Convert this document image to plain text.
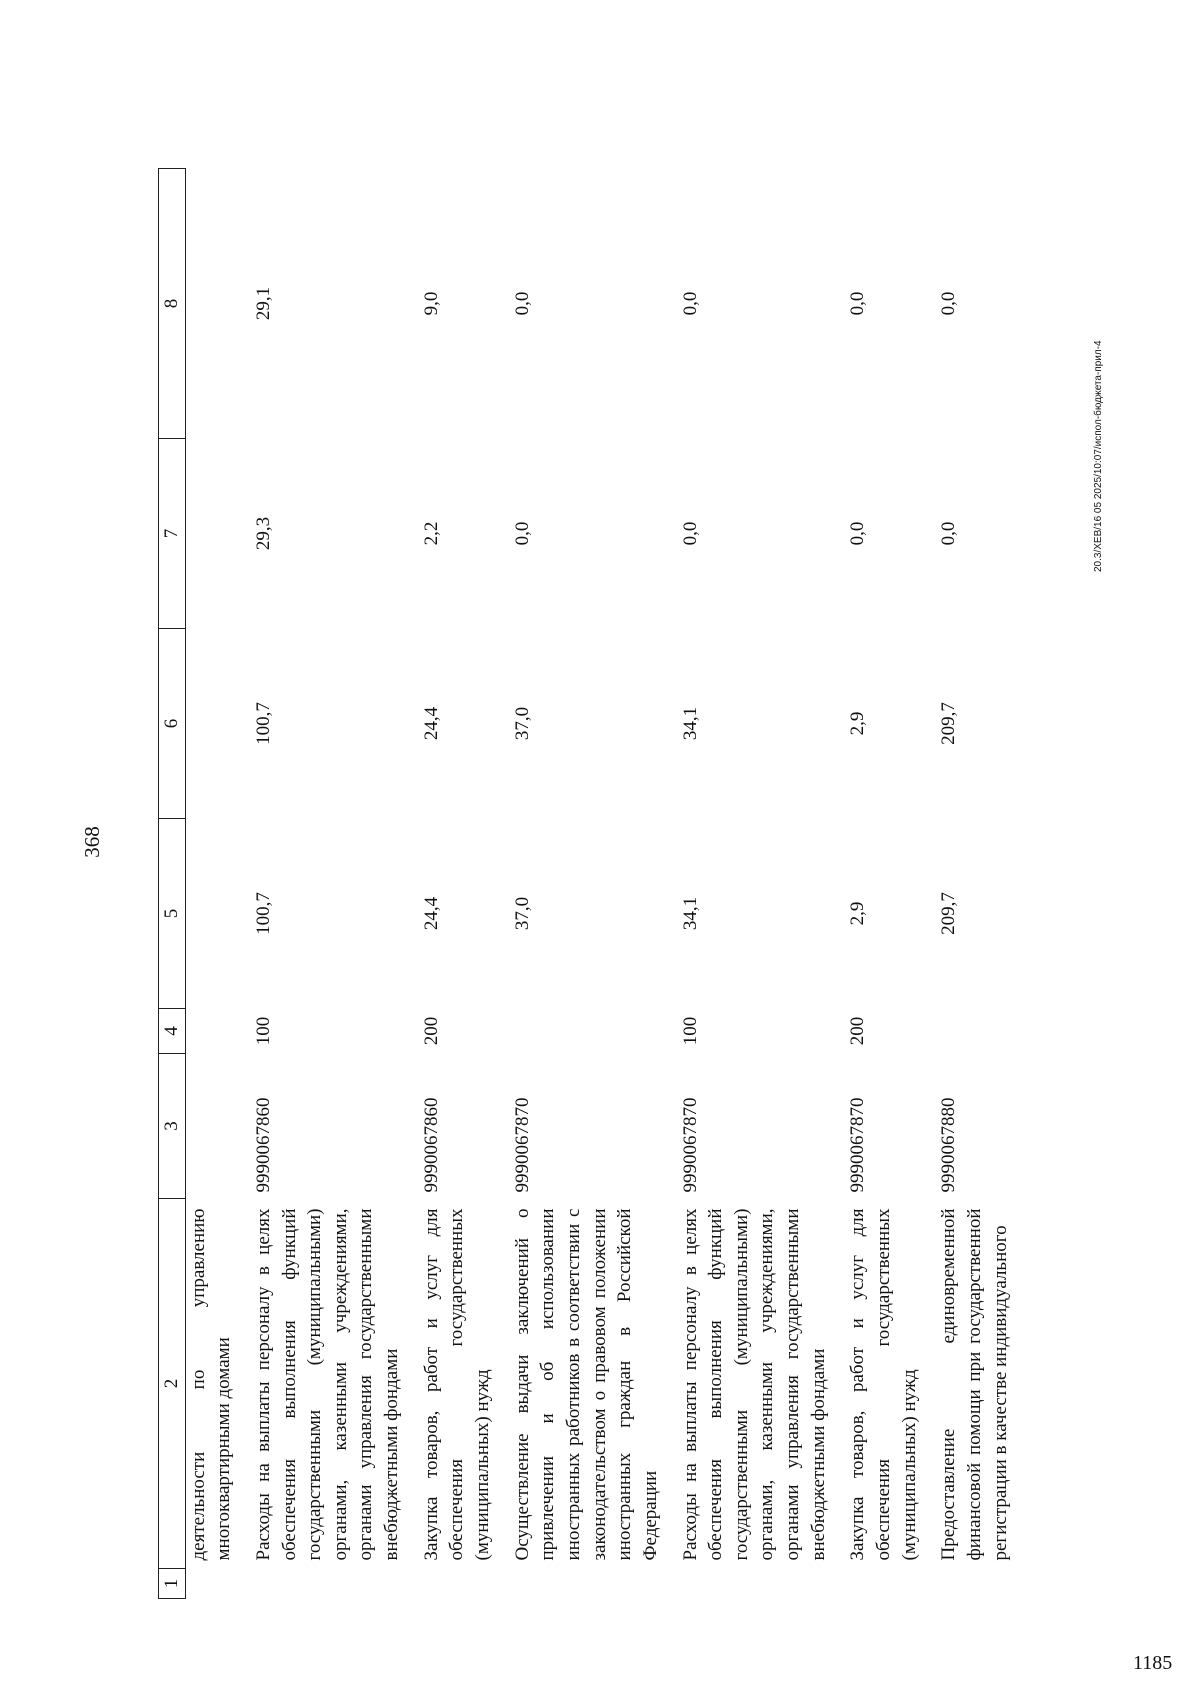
368
1	2	3	4	5	6	7	8
	деятельности по управлению многоквартирными домами						
	Расходы на выплаты персоналу в целях обеспечения выполнения функций государственными (муниципальными) органами, казенными учреждениями, органами управления государственными внебюджетными фондами	9990067860	100	100,7	100,7	29,3	29,1
	Закупка товаров, работ и услуг для обеспечения государственных (муниципальных) нужд	9990067860	200	24,4	24,4	2,2	9,0
	Осуществление выдачи заключений о привлечении и об использовании иностранных работников в соответствии с законодательством о правовом положении иностранных граждан в Российской Федерации	9990067870		37,0	37,0	0,0	0,0
	Расходы на выплаты персоналу в целях обеспечения выполнения функций государственными (муниципальными) органами, казенными учреждениями, органами управления государственными внебюджетными фондами	9990067870	100	34,1	34,1	0,0	0,0
	Закупка товаров, работ и услуг для обеспечения государственных (муниципальных) нужд	9990067870	200	2,9	2,9	0,0	0,0
	Предоставление единовременной финансовой помощи при государственной регистрации в качестве индивидуального	9990067880		209,7	209,7	0,0	0,0
20.3/ХЕВ/16 05 2025/10:07/испол-бюджета-прил-4
1185
